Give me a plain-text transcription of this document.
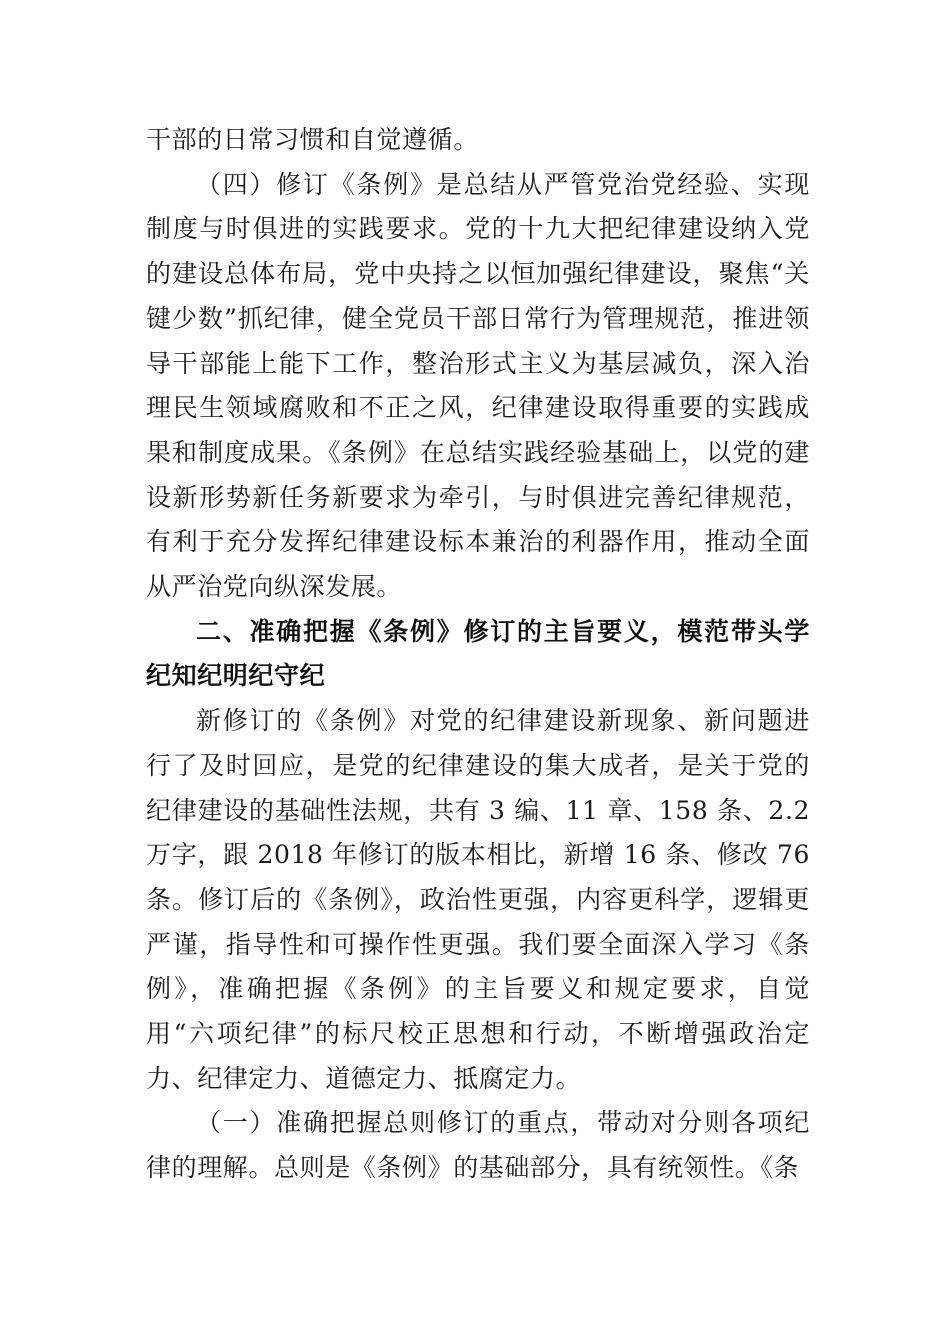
干部的日常习惯和自觉遵循。

（四）修订《条例》是总结从严管党治党经验、实现制度与时俱进的实践要求。党的十九大把纪律建设纳入党的建设总体布局，党中央持之以恒加强纪律建设，聚焦“关键少数”抓纪律，健全党员干部日常行为管理规范，推进领导干部能上能下工作，整治形式主义为基层减负，深入治理民生领域腐败和不正之风，纪律建设取得重要的实践成果和制度成果。《条例》在总结实践经验基础上，以党的建设新形势新任务新要求为牵引，与时俱进完善纪律规范，有利于充分发挥纪律建设标本兼治的利器作用，推动全面从严治党向纵深发展。

二、准确把握《条例》修订的主旨要义，模范带头学纪知纪明纪守纪

新修订的《条例》对党的纪律建设新现象、新问题进行了及时回应，是党的纪律建设的集大成者，是关于党的纪律建设的基础性法规，共有 3 编、11 章、158 条、2.2 万字，跟 2018 年修订的版本相比，新增 16 条、修改 76 条。修订后的《条例》，政治性更强，内容更科学，逻辑更严谨，指导性和可操作性更强。我们要全面深入学习《条例》，准确把握《条例》的主旨要义和规定要求，自觉用“六项纪律”的标尺校正思想和行动，不断增强政治定力、纪律定力、道德定力、抵腐定力。

（一）准确把握总则修订的重点，带动对分则各项纪律的理解。总则是《条例》的基础部分，具有统领性。《条
